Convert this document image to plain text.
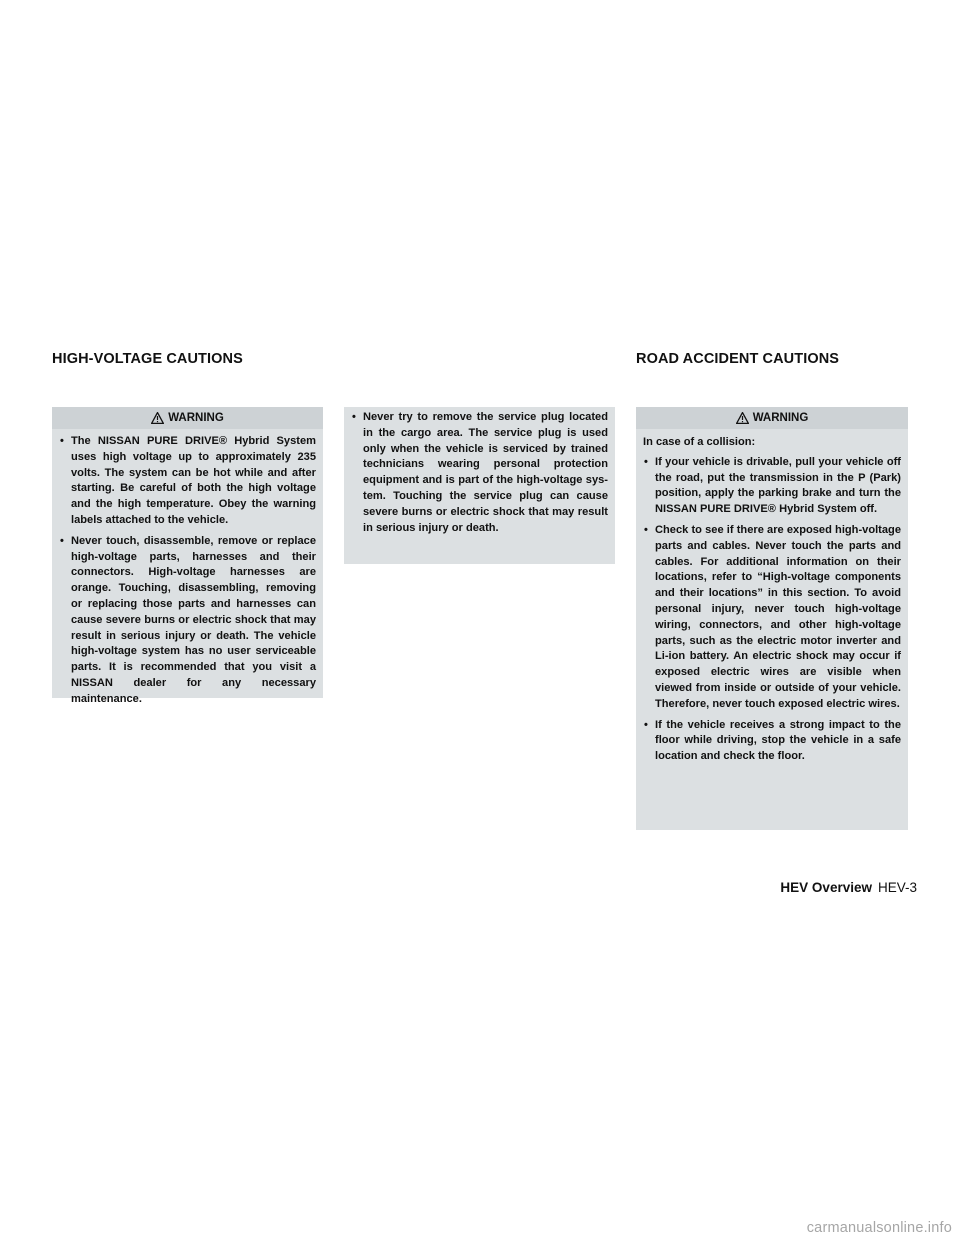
HIGH-VOLTAGE CAUTIONS	ROAD ACCIDENT CAUTIONS
WARNING
• The NISSAN PURE DRIVE® Hybrid System uses high voltage up to approximately 235 volts. The system can be hot while and after starting. Be careful of both the high voltage and the high temperature. Obey the warning labels attached to the vehicle.
• Never touch, disassemble, remove or replace high-voltage parts, harnesses and their connectors. High-voltage harnesses are orange. Touching, disassembling, removing or replacing those parts and harnesses can cause severe burns or electric shock that may result in serious injury or death. The vehicle high-voltage system has no user serviceable parts. It is recommended that you visit a NISSAN dealer for any necessary maintenance.
• Never try to remove the service plug located in the cargo area. The service plug is used only when the vehicle is serviced by trained technicians wearing personal protection equipment and is part of the high-voltage system. Touching the service plug can cause severe burns or electric shock that may result in serious injury or death.
WARNING

In case of a collision:

• If your vehicle is drivable, pull your vehicle off the road, put the transmission in the P (Park) position, apply the parking brake and turn the NISSAN PURE DRIVE® Hybrid System off.
• Check to see if there are exposed high-voltage parts and cables. Never touch the parts and cables. For additional information on their locations, refer to “High-voltage components and their locations” in this section. To avoid personal injury, never touch high-voltage wiring, connectors, and other high-voltage parts, such as the electric motor inverter and Li-ion battery. An electric shock may occur if exposed electric wires are visible when viewed from inside or outside of your vehicle. Therefore, never touch exposed electric wires.
• If the vehicle receives a strong impact to the floor while driving, stop the vehicle in a safe location and check the floor.
HEV Overview HEV-3
carmanualsonline.info
